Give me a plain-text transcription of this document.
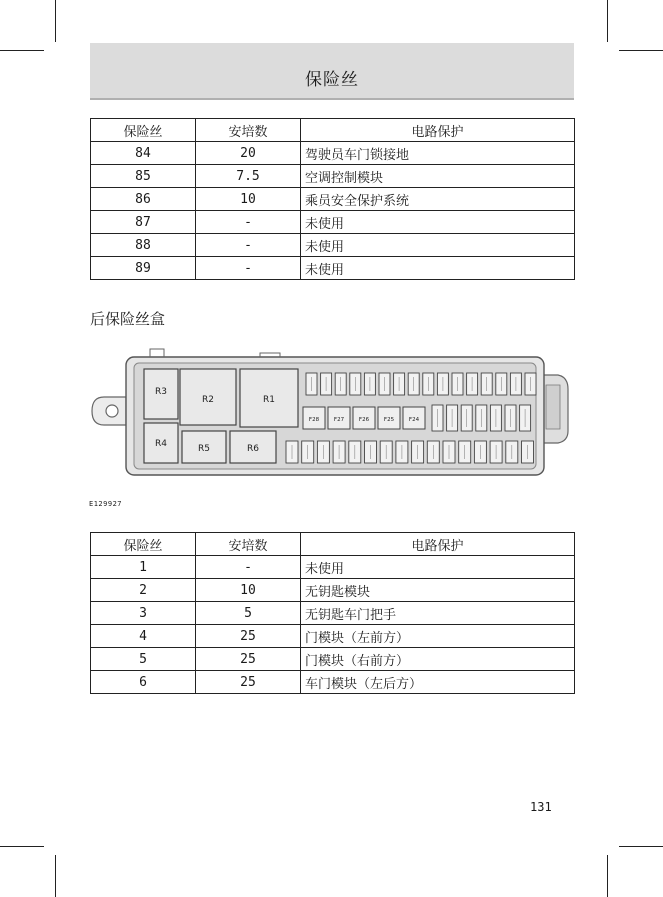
保险丝
保险丝	安培数	电路保护
84	20	驾驶员车门锁接地
85	7.5	空调控制模块
86	10	乘员安全保护系统
87	-	未使用
88	-	未使用
89	-	未使用
后保险丝盒
R3
R2	R1
R4	R5	R6
F28	F27	F26	F25	F24
E129927
保险丝	安培数	电路保护
1	-	未使用
2	10	无钥匙模块
3	5	无钥匙车门把手
4	25	门模块（左前方）
5	25	门模块（右前方）
6	25	车门模块（左后方）
131
